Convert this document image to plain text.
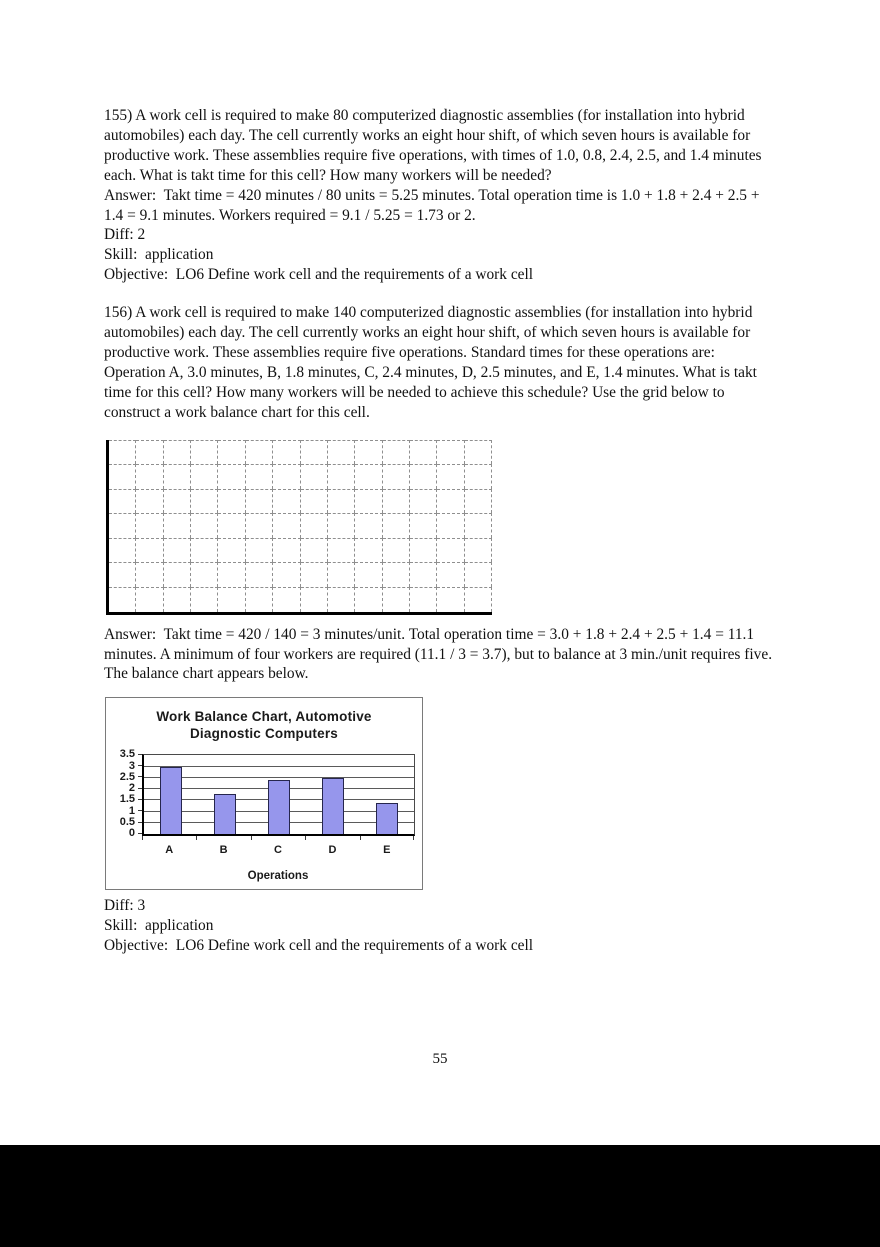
155) A work cell is required to make 80 computerized diagnostic assemblies (for installation into hybrid automobiles) each day. The cell currently works an eight hour shift, of which seven hours is available for productive work. These assemblies require five operations, with times of 1.0, 0.8, 2.4, 2.5, and 1.4 minutes each. What is takt time for this cell? How many workers will be needed?

Answer:  Takt time = 420 minutes / 80 units = 5.25 minutes. Total operation time is 1.0 + 1.8 + 2.4 + 2.5 + 1.4 = 9.1 minutes. Workers required = 9.1 / 5.25 = 1.73 or 2.
Diff: 2
Skill:  application
Objective:  LO6 Define work cell and the requirements of a work cell

156) A work cell is required to make 140 computerized diagnostic assemblies (for installation into hybrid automobiles) each day. The cell currently works an eight hour shift, of which seven hours is available for productive work. These assemblies require five operations. Standard times for these operations are: Operation A, 3.0 minutes, B, 1.8 minutes, C, 2.4 minutes, D, 2.5 minutes, and E, 1.4 minutes. What is takt time for this cell? How many workers will be needed to achieve this schedule? Use the grid below to construct a work balance chart for this cell.

Answer:  Takt time = 420 / 140 = 3 minutes/unit. Total operation time = 3.0 + 1.8 + 2.4 + 2.5 + 1.4 = 11.1 minutes. A minimum of four workers are required (11.1 / 3 = 3.7), but to balance at 3 min./unit requires five. The balance chart appears below.
Work Balance Chart, Automotive
Diagnostic Computers
3.5
3
2.5
2
1.5
1
0.5
0
A	B	C	D	E
Operations
Diff: 3
Skill:  application
Objective:  LO6 Define work cell and the requirements of a work cell
55
